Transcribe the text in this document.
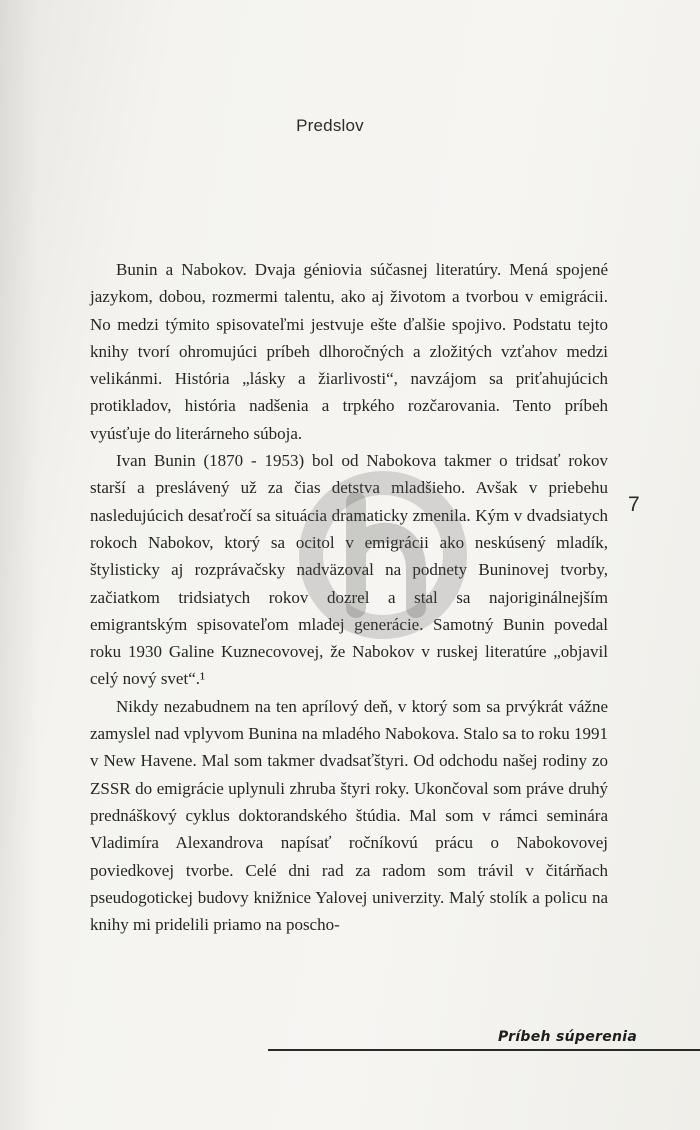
Predslov

Bunin a Nabokov. Dvaja géniovia súčasnej literatúry. Mená spojené jazykom, dobou, rozmermi talentu, ako aj životom a tvorbou v emigrácii. No medzi týmito spisovateľmi jestvuje ešte ďalšie spojivo. Podstatu tejto knihy tvorí ohromujúci príbeh dlhoročných a zložitých vzťahov medzi velikánmi. História „lásky a žiarlivosti“, navzájom sa priťahujúcich protikladov, história nadšenia a trpkého rozčarovania. Tento príbeh vyúsťuje do literárneho súboja.

Ivan Bunin (1870 - 1953) bol od Nabokova takmer o tridsať rokov starší a preslávený už za čias detstva mladšieho. Avšak v priebehu nasledujúcich desaťročí sa situácia dramaticky zmenila. Kým v dvadsiatych rokoch Nabokov, ktorý sa ocitol v emigrácii ako neskúsený mladík, štylisticky aj rozprávačsky nadväzoval na podnety Buninovej tvorby, začiatkom tridsiatych rokov dozrel a stal sa najoriginálnejším emigrantským spisovateľom mladej generácie. Samotný Bunin povedal roku 1930 Galine Kuznecovovej, že Nabokov v ruskej literatúre „objavil celý nový svet“.¹

Nikdy nezabudnem na ten aprílový deň, v ktorý som sa prvýkrát vážne zamyslel nad vplyvom Bunina na mladého Nabokova. Stalo sa to roku 1991 v New Havene. Mal som takmer dvadsaťštyri. Od odchodu našej rodiny zo ZSSR do emigrácie uplynuli zhruba štyri roky. Ukončoval som práve druhý prednáškový cyklus doktorandského štúdia. Mal som v rámci seminára Vladimíra Alexandrova napísať ročníkovú prácu o Nabokovovej poviedkovej tvorbe. Celé dni rad za radom som trávil v čitárňach pseudogotickej budovy knižnice Yalovej univerzity. Malý stolík a policu na knihy mi pridelili priamo na poscho-

7
Príbeh súperenia
